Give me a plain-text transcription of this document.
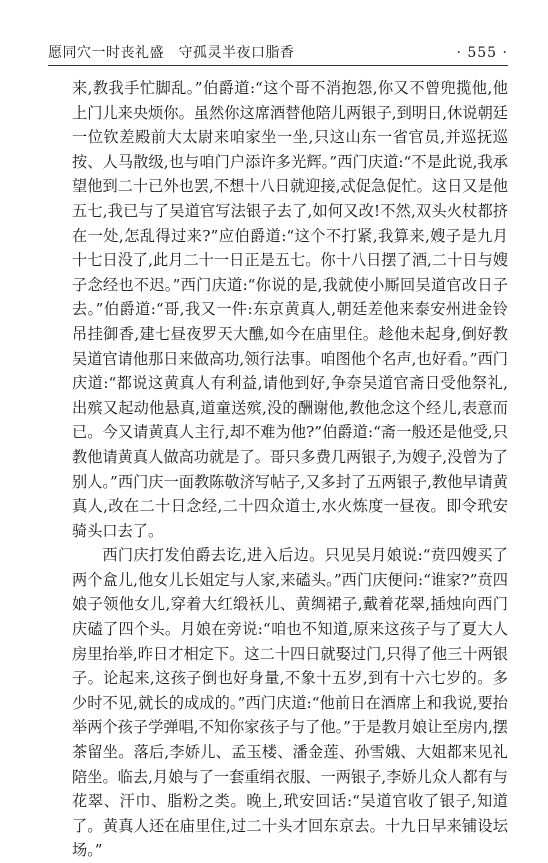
愿同穴一时丧礼盛　守孤灵半夜口脂香	· 555 ·

来,教我手忙脚乱。”伯爵道:“这个哥不消抱怨,你又不曾兜揽他,他上门儿来央烦你。虽然你这席酒替他陪儿两银子,到明日,休说朝廷一位钦差殿前大太尉来咱家坐一坐,只这山东一省官员,并巡抚巡按、人马散级,也与咱门户添许多光辉。”西门庆道:“不是此说,我承望他到二十已外也罢,不想十八日就迎接,忒促急促忙。这日又是他五七,我已与了吴道官写法银子去了,如何又改!不然,双头火杖都挤在一处,怎乱得过来?”应伯爵道:“这个不打紧,我算来,嫂子是九月十七日没了,此月二十一日正是五七。你十八日摆了酒,二十日与嫂子念经也不迟。”西门庆道:“你说的是,我就使小厮回吴道官改日子去。”伯爵道:“哥,我又一件:东京黄真人,朝廷差他来泰安州进金铃吊挂御香,建七昼夜罗天大醮,如今在庙里住。趁他未起身,倒好教吴道官请他那日来做高功,领行法事。咱图他个名声,也好看。”西门庆道:“都说这黄真人有利益,请他到好,争奈吴道官斋日受他祭礼,出殡又起动他悬真,道童送殡,没的酬谢他,教他念这个经儿,表意而已。今又请黄真人主行,却不难为他?”伯爵道:“斋一般还是他受,只教他请黄真人做高功就是了。哥只多费几两银子,为嫂子,没曾为了别人。”西门庆一面教陈敬济写帖子,又多封了五两银子,教他早请黄真人,改在二十日念经,二十四众道士,水火炼度一昼夜。即令玳安骑头口去了。

西门庆打发伯爵去讫,进入后边。只见吴月娘说:“贲四嫂买了两个盒儿,他女儿长姐定与人家,来磕头。”西门庆便问:“谁家?”贲四娘子领他女儿,穿着大红缎袄儿、黄绸裙子,戴着花翠,插烛向西门庆磕了四个头。月娘在旁说:“咱也不知道,原来这孩子与了夏大人房里抬举,昨日才相定下。这二十四日就娶过门,只得了他三十两银子。论起来,这孩子倒也好身量,不象十五岁,到有十六七岁的。多少时不见,就长的成成的。”西门庆道:“他前日在酒席上和我说,要抬举两个孩子学弹唱,不知你家孩子与了他。”于是教月娘让至房内,摆茶留坐。落后,李娇儿、孟玉楼、潘金莲、孙雪娥、大姐都来见礼陪坐。临去,月娘与了一套重绢衣服、一两银子,李娇儿众人都有与花翠、汗巾、脂粉之类。晚上,玳安回话:“吴道官收了银子,知道了。黄真人还在庙里住,过二十头才回东京去。十九日早来铺设坛场。”
